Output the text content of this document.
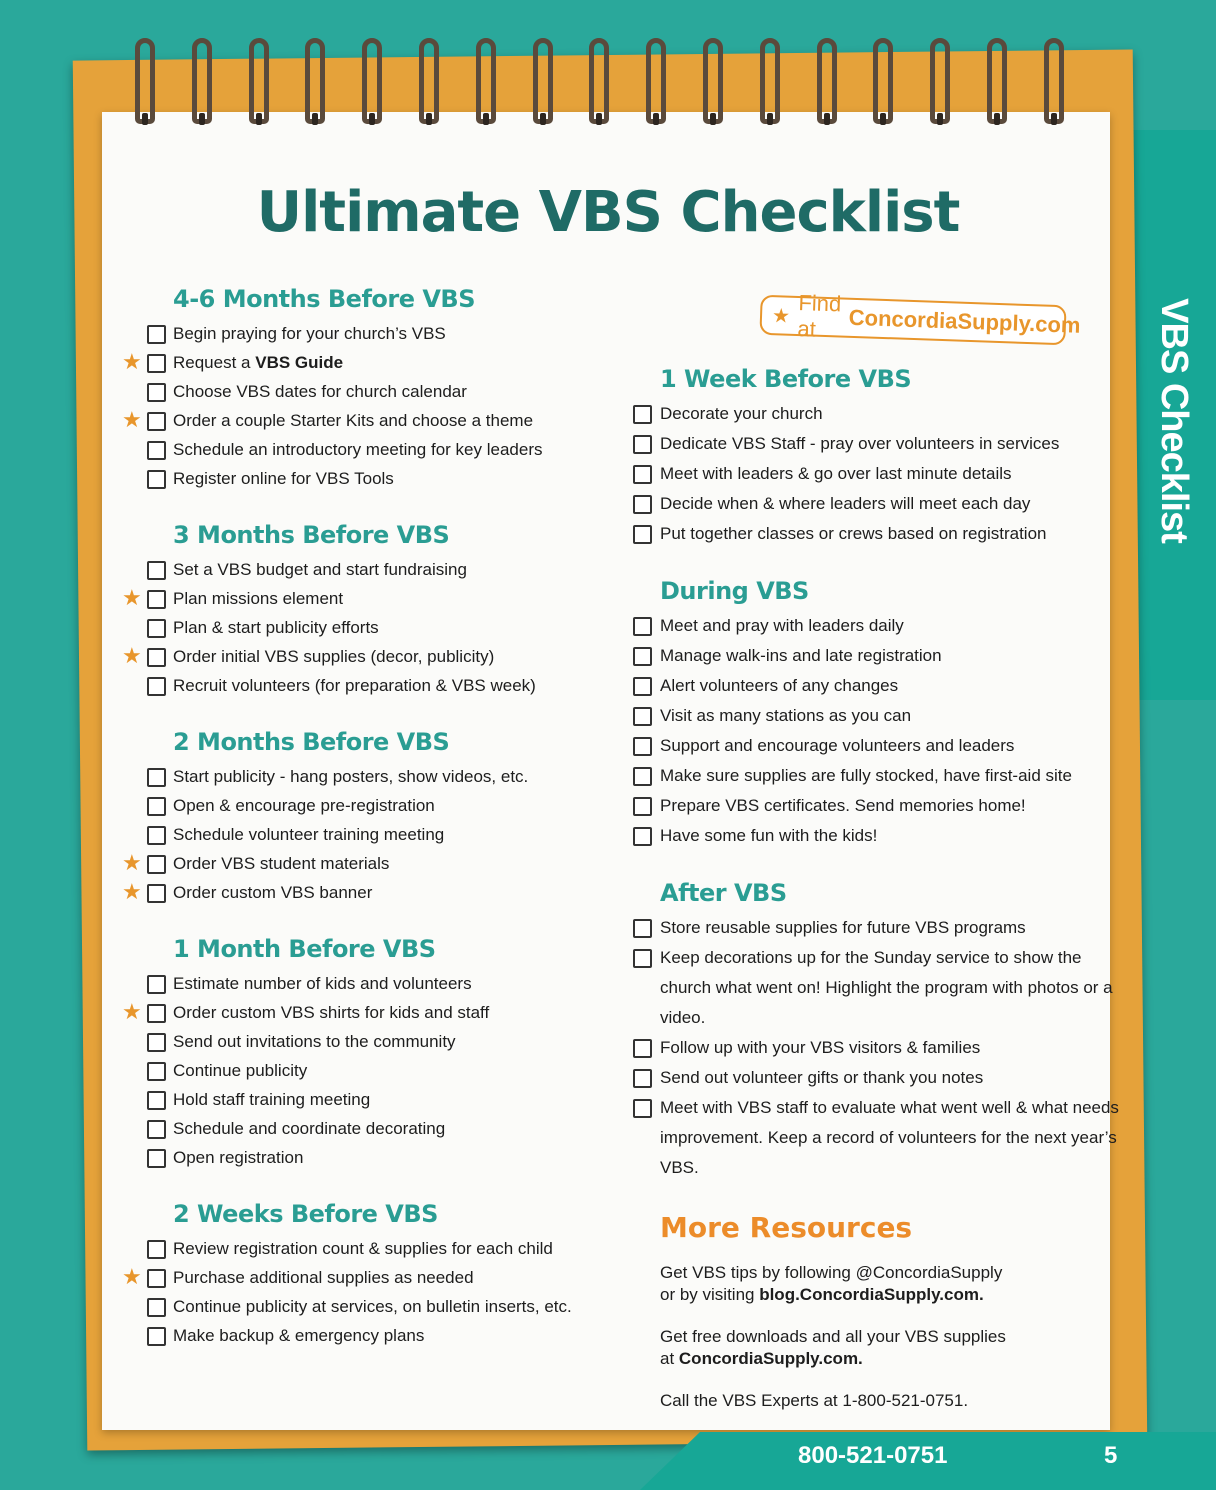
VBS Checklist
Ultimate VBS Checklist
★ Find at	ConcordiaSupply.com
4-6 Months Before VBS
Begin praying for your church’s VBS
★ Request a VBS Guide
Choose VBS dates for church calendar
★ Order a couple Starter Kits and choose a theme
Schedule an introductory meeting for key leaders
Register online for VBS Tools
3 Months Before VBS
Set a VBS budget and start fundraising
★ Plan missions element
Plan & start publicity efforts
★ Order initial VBS supplies (decor, publicity)
Recruit volunteers (for preparation & VBS week)
2 Months Before VBS
Start publicity - hang posters, show videos, etc.
Open & encourage pre-registration
Schedule volunteer training meeting
★ Order VBS student materials
★ Order custom VBS banner
1 Month Before VBS
Estimate number of kids and volunteers
★ Order custom VBS shirts for kids and staff
Send out invitations to the community
Continue publicity
Hold staff training meeting
Schedule and coordinate decorating
Open registration
2 Weeks Before VBS
Review registration count & supplies for each child
★ Purchase additional supplies as needed
Continue publicity at services, on bulletin inserts, etc.
Make backup & emergency plans
1 Week Before VBS
Decorate your church
Dedicate VBS Staff - pray over volunteers in services
Meet with leaders & go over last minute details
Decide when & where leaders will meet each day
Put together classes or crews based on registration
During VBS
Meet and pray with leaders daily
Manage walk-ins and late registration
Alert volunteers of any changes
Visit as many stations as you can
Support and encourage volunteers and leaders
Make sure supplies are fully stocked, have first-aid site
Prepare VBS certificates. Send memories home!
Have some fun with the kids!
After VBS
Store reusable supplies for future VBS programs
Keep decorations up for the Sunday service to show the church what went on! Highlight the program with photos or a video.
Follow up with your VBS visitors & families
Send out volunteer gifts or thank you notes
Meet with VBS staff to evaluate what went well & what needs improvement. Keep a record of volunteers for the next year’s VBS.
More Resources
Get VBS tips by following @ConcordiaSupply
or by visiting blog.ConcordiaSupply.com.
Get free downloads and all your VBS supplies
at ConcordiaSupply.com.
Call the VBS Experts at 1-800-521-0751.
800-521-0751	5
